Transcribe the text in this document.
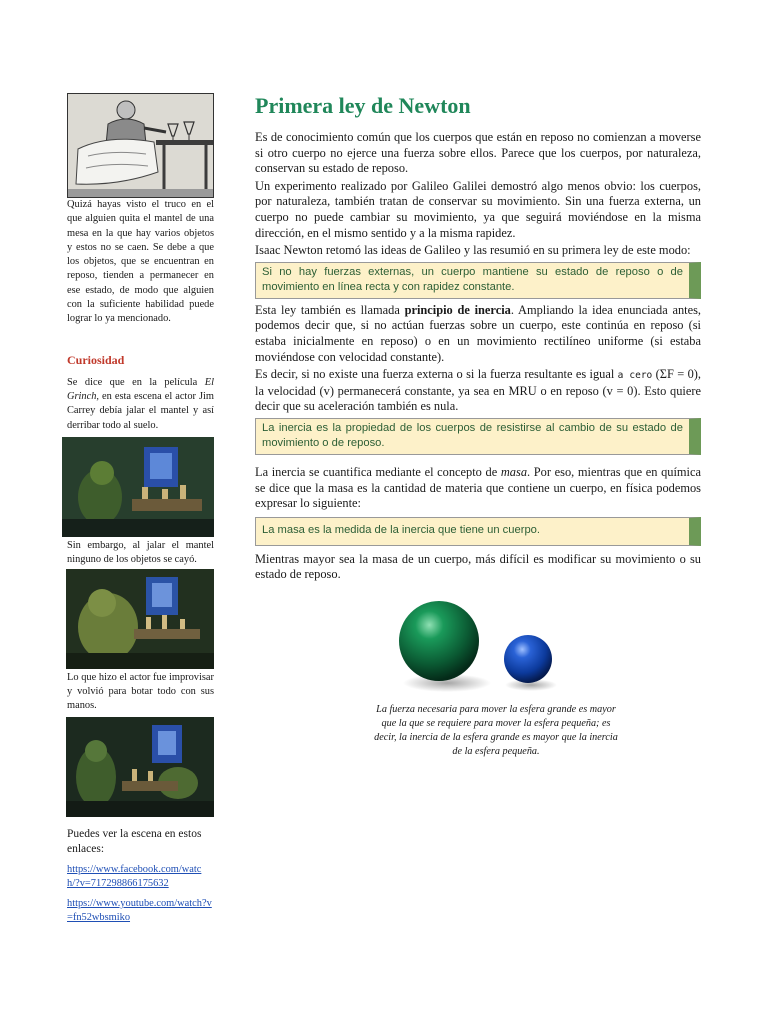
Quizá hayas visto el truco en el que alguien quita el mantel de una mesa en la que hay varios objetos y estos no se caen. Se debe a que los objetos, que se encuentran en reposo, tienden a permanecer en ese estado, de modo que alguien con la suficiente habilidad puede lograr lo ya mencionado.

Curiosidad

Se dice que en la película El Grinch, en esta escena el actor Jim Carrey debía jalar el mantel y así derribar todo al suelo.

Sin embargo, al jalar el mantel ninguno de los objetos se cayó.

Lo que hizo el actor fue improvisar y volvió para botar todo con sus manos.

Puedes ver la escena en estos enlaces:

https://www.facebook.com/watch/?v=717298866175632
https://www.youtube.com/watch?v=fn52wbsmiko
Primera ley de Newton

Es de conocimiento común que los cuerpos que están en reposo no comienzan a moverse si otro cuerpo no ejerce una fuerza sobre ellos. Parece que los cuerpos, por naturaleza, conservan su estado de reposo.

Un experimento realizado por Galileo Galilei demostró algo menos obvio: los cuerpos, por naturaleza, también tratan de conservar su movimiento. Sin una fuerza externa, un cuerpo no puede cambiar su movimiento, ya que seguirá moviéndose en la misma dirección, en el mismo sentido y a la misma rapidez.

Isaac Newton retomó las ideas de Galileo y las resumió en su primera ley de este modo:

Si no hay fuerzas externas, un cuerpo mantiene su estado de reposo o de movimiento en línea recta y con rapidez constante.

Esta ley también es llamada principio de inercia. Ampliando la idea enunciada antes, podemos decir que, si no actúan fuerzas sobre un cuerpo, este continúa en reposo (si estaba inicialmente en reposo) o en un movimiento rectilíneo uniforme (si estaba moviéndose con velocidad constante).

Es decir, si no existe una fuerza externa o si la fuerza resultante es igual a cero (ΣF = 0), la velocidad (v) permanecerá constante, ya sea en MRU o en reposo (v = 0). Esto quiere decir que su aceleración también es nula.

La inercia es la propiedad de los cuerpos de resistirse al cambio de su estado de movimiento o de reposo.

La inercia se cuantifica mediante el concepto de masa. Por eso, mientras que en química se dice que la masa es la cantidad de materia que contiene un cuerpo, en física podemos expresar lo siguiente:

La masa es la medida de la inercia que tiene un cuerpo.

Mientras mayor sea la masa de un cuerpo, más difícil es modificar su movimiento o su estado de reposo.

La fuerza necesaria para mover la esfera grande es mayor que la que se requiere para mover la esfera pequeña; es decir, la inercia de la esfera grande es mayor que la inercia de la esfera pequeña.
